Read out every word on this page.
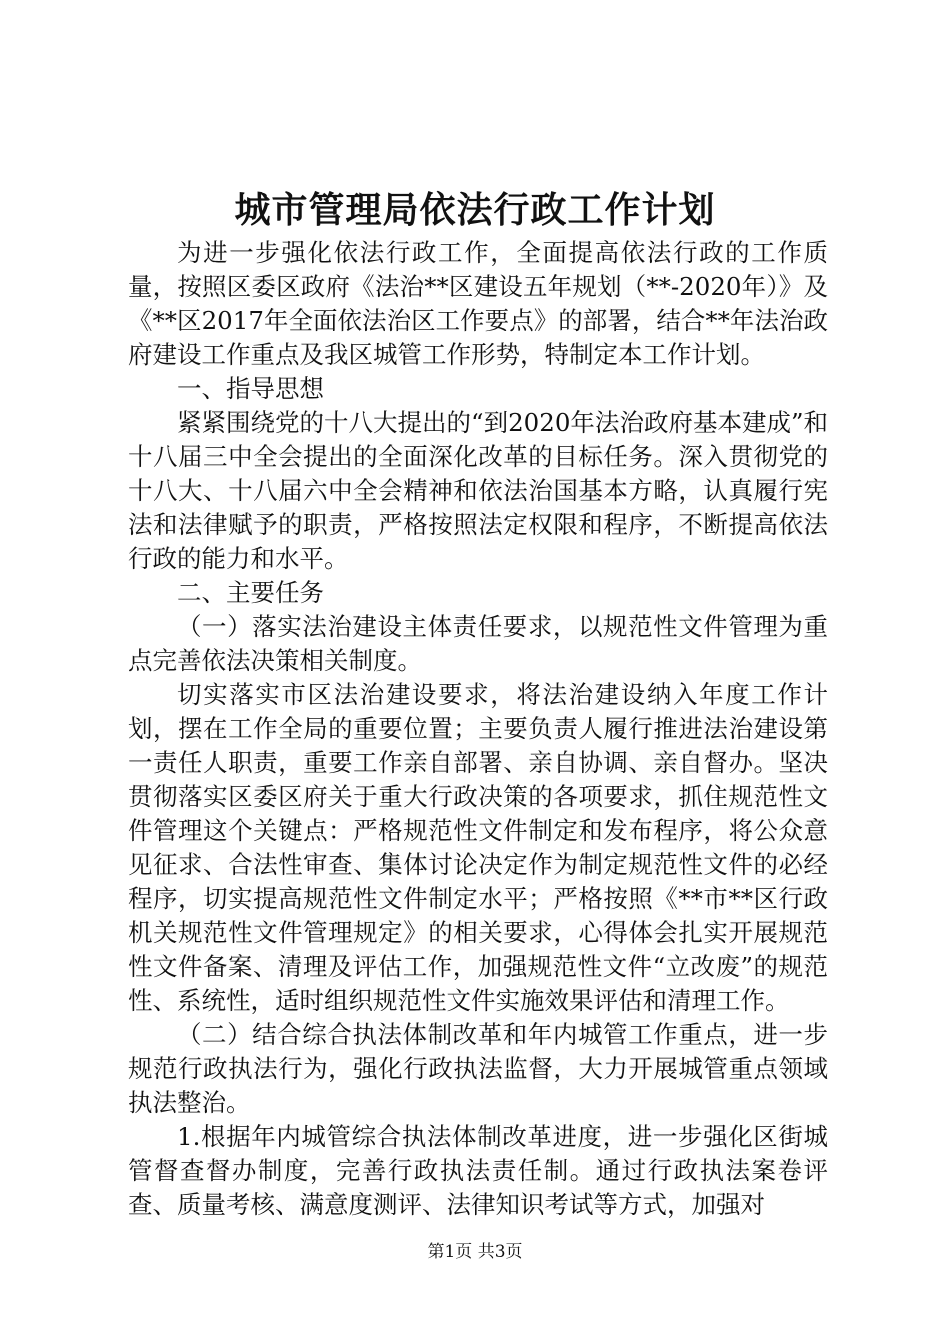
城市管理局依法行政工作计划

为进一步强化依法行政工作，全面提高依法行政的工作质量，按照区委区政府《法治**区建设五年规划（**-2020年）》及《**区2017年全面依法治区工作要点》的部署，结合**年法治政府建设工作重点及我区城管工作形势，特制定本工作计划。

一、指导思想

紧紧围绕党的十八大提出的“到2020年法治政府基本建成”和十八届三中全会提出的全面深化改革的目标任务。深入贯彻党的十八大、十八届六中全会精神和依法治国基本方略，认真履行宪法和法律赋予的职责，严格按照法定权限和程序，不断提高依法行政的能力和水平。

二、主要任务

（一）落实法治建设主体责任要求，以规范性文件管理为重点完善依法决策相关制度。

切实落实市区法治建设要求，将法治建设纳入年度工作计划，摆在工作全局的重要位置；主要负责人履行推进法治建设第一责任人职责，重要工作亲自部署、亲自协调、亲自督办。坚决贯彻落实区委区府关于重大行政决策的各项要求，抓住规范性文件管理这个关键点：严格规范性文件制定和发布程序，将公众意见征求、合法性审查、集体讨论决定作为制定规范性文件的必经程序，切实提高规范性文件制定水平；严格按照《**市**区行政机关规范性文件管理规定》的相关要求，心得体会扎实开展规范性文件备案、清理及评估工作，加强规范性文件“立改废”的规范性、系统性，适时组织规范性文件实施效果评估和清理工作。

（二）结合综合执法体制改革和年内城管工作重点，进一步规范行政执法行为，强化行政执法监督，大力开展城管重点领域执法整治。

1.根据年内城管综合执法体制改革进度，进一步强化区街城管督查督办制度，完善行政执法责任制。通过行政执法案卷评查、质量考核、满意度测评、法律知识考试等方式，加强对

第1页 共3页
